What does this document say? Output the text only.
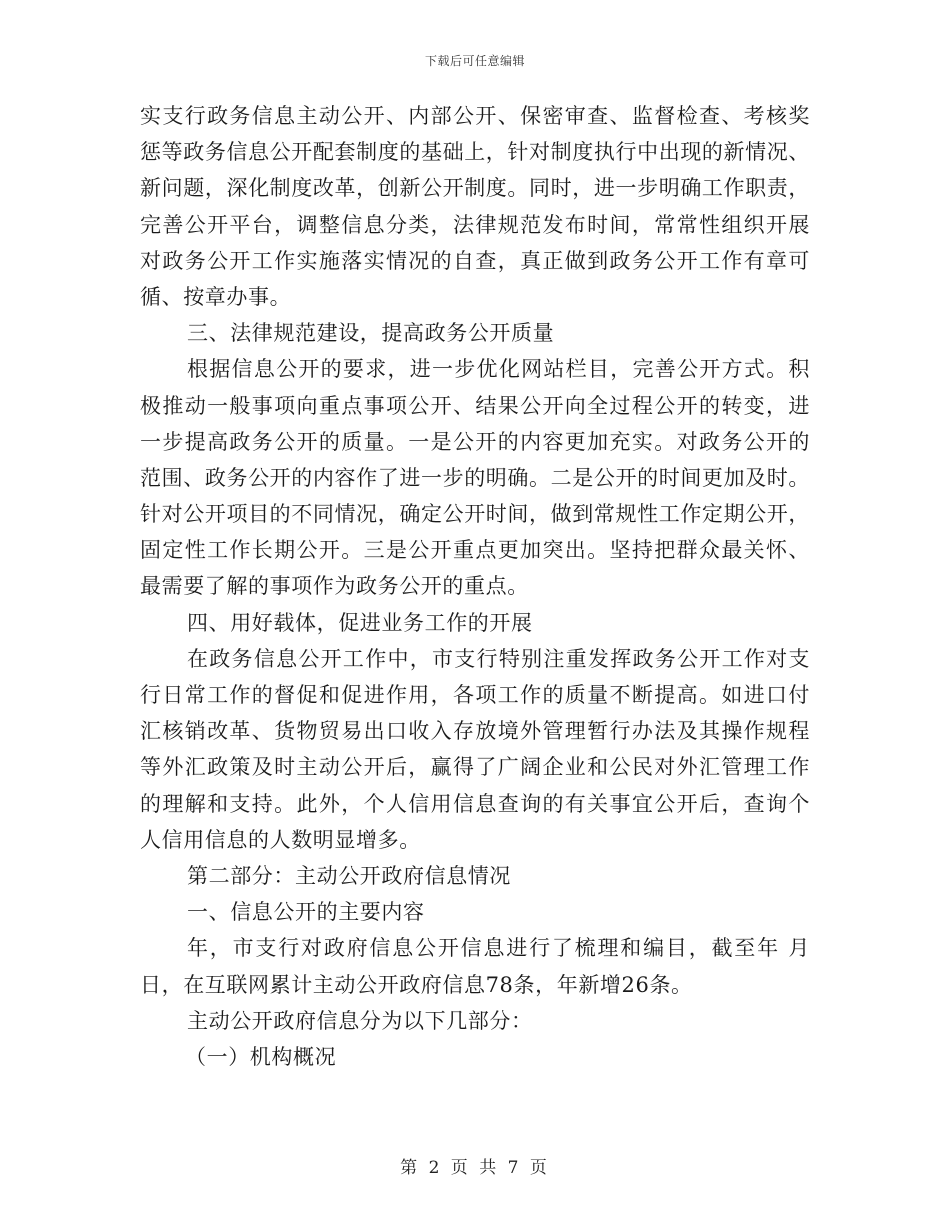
下载后可任意编辑
实支行政务信息主动公开、内部公开、保密审查、监督检查、考核奖
惩等政务信息公开配套制度的基础上，针对制度执行中出现的新情况、
新问题，深化制度改革，创新公开制度。同时，进一步明确工作职责，
完善公开平台，调整信息分类，法律规范发布时间，常常性组织开展
对政务公开工作实施落实情况的自查，真正做到政务公开工作有章可
循、按章办事。
三、法律规范建设，提高政务公开质量
根据信息公开的要求，进一步优化网站栏目，完善公开方式。积
极推动一般事项向重点事项公开、结果公开向全过程公开的转变，进
一步提高政务公开的质量。一是公开的内容更加充实。对政务公开的
范围、政务公开的内容作了进一步的明确。二是公开的时间更加及时。
针对公开项目的不同情况，确定公开时间，做到常规性工作定期公开，
固定性工作长期公开。三是公开重点更加突出。坚持把群众最关怀、
最需要了解的事项作为政务公开的重点。
四、用好载体，促进业务工作的开展
在政务信息公开工作中，市支行特别注重发挥政务公开工作对支
行日常工作的督促和促进作用，各项工作的质量不断提高。如进口付
汇核销改革、货物贸易出口收入存放境外管理暂行办法及其操作规程
等外汇政策及时主动公开后，赢得了广阔企业和公民对外汇管理工作
的理解和支持。此外，个人信用信息查询的有关事宜公开后，查询个
人信用信息的人数明显增多。
第二部分：主动公开政府信息情况
一、信息公开的主要内容
年，市支行对政府信息公开信息进行了梳理和编目，截至年 月
日，在互联网累计主动公开政府信息78条，年新增26条。
主动公开政府信息分为以下几部分：
（一）机构概况
第 2 页 共 7 页
